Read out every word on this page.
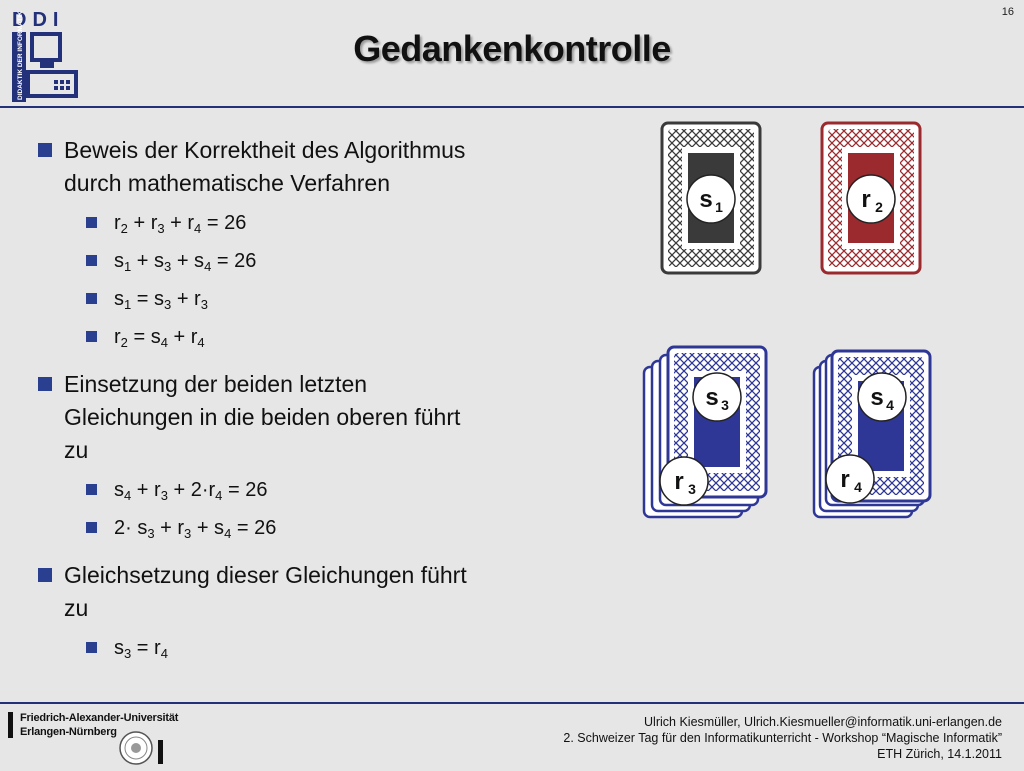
DDI
DIDAKTIK DER INFORMATIK	16
Gedankenkontrolle
Beweis der Korrektheit des Algorithmus
durch mathematische Verfahren
$r_2 + r_3 + r_4 = 26$
$s_1 + s_3 + s_4 = 26$
$s_1 = s_3 + r_3$
$r_2 = s_4 + r_4$
Einsetzung der beiden letzten
Gleichungen in die beiden oberen führt
zu
$s_4 + r_3 + 2\cdot r_4 = 26$
$2\cdot s_3 + r_3 + s_4 = 26$
Gleichsetzung dieser Gleichungen führt
zu
$s_3 = r_4$
s 1	r 2
s 3
r 3
s 4
r 4
Friedrich-Alexander-Universität
Erlangen-Nürnberg
Ulrich Kiesmüller, Ulrich.Kiesmueller@informatik.uni-erlangen.de
2. Schweizer Tag für den Informatikunterricht - Workshop “Magische Informatik”
ETH Zürich, 14.1.2011
